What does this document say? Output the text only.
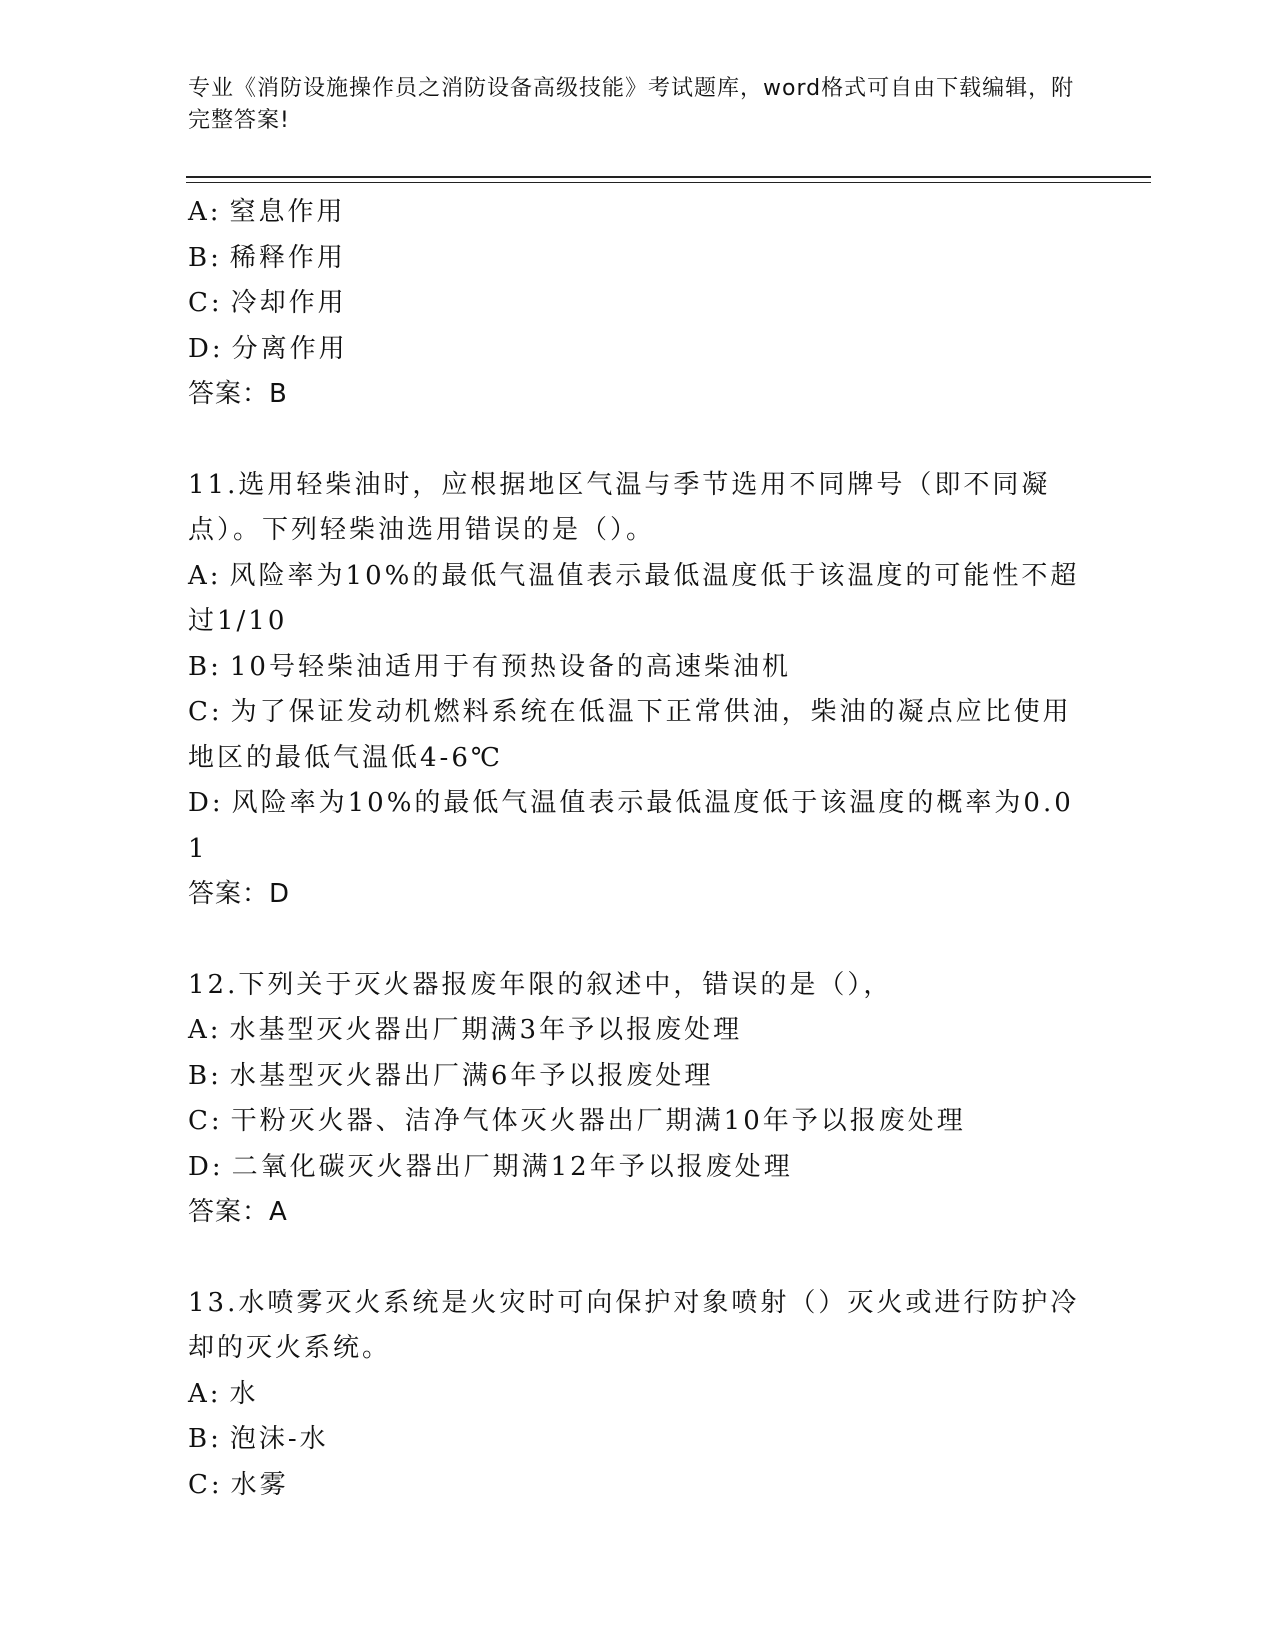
专业《消防设施操作员之消防设备高级技能》考试题库，word格式可自由下载编辑，附完整答案!
A: 窒息作用
B: 稀释作用
C: 冷却作用
D: 分离作用
答案：B
11.选用轻柴油时，应根据地区气温与季节选用不同牌号（即不同凝点）。下列轻柴油选用错误的是（）。
A: 风险率为10%的最低气温值表示最低温度低于该温度的可能性不超过1/10
B: 10号轻柴油适用于有预热设备的高速柴油机
C: 为了保证发动机燃料系统在低温下正常供油，柴油的凝点应比使用地区的最低气温低4-6℃
D: 风险率为10%的最低气温值表示最低温度低于该温度的概率为0.01
答案：D
12.下列关于灭火器报废年限的叙述中，错误的是（），
A: 水基型灭火器出厂期满3年予以报废处理
B: 水基型灭火器出厂满6年予以报废处理
C: 干粉灭火器、洁净气体灭火器出厂期满10年予以报废处理
D: 二氧化碳灭火器出厂期满12年予以报废处理
答案：A
13.水喷雾灭火系统是火灾时可向保护对象喷射（）灭火或进行防护冷却的灭火系统。
A: 水
B: 泡沫-水
C: 水雾
